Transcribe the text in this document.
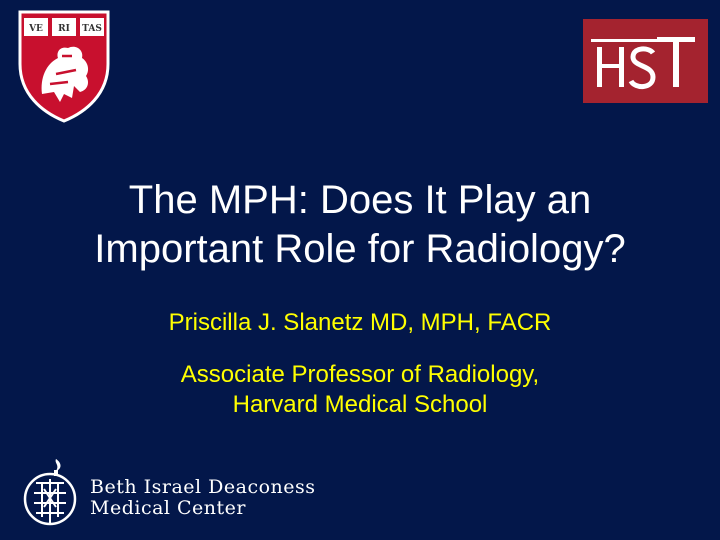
VE RI TAS
The MPH: Does It Play an
Important Role for Radiology?
Priscilla J. Slanetz MD, MPH, FACR
Associate Professor of Radiology,
Harvard Medical School
Beth Israel Deaconess
Medical Center
